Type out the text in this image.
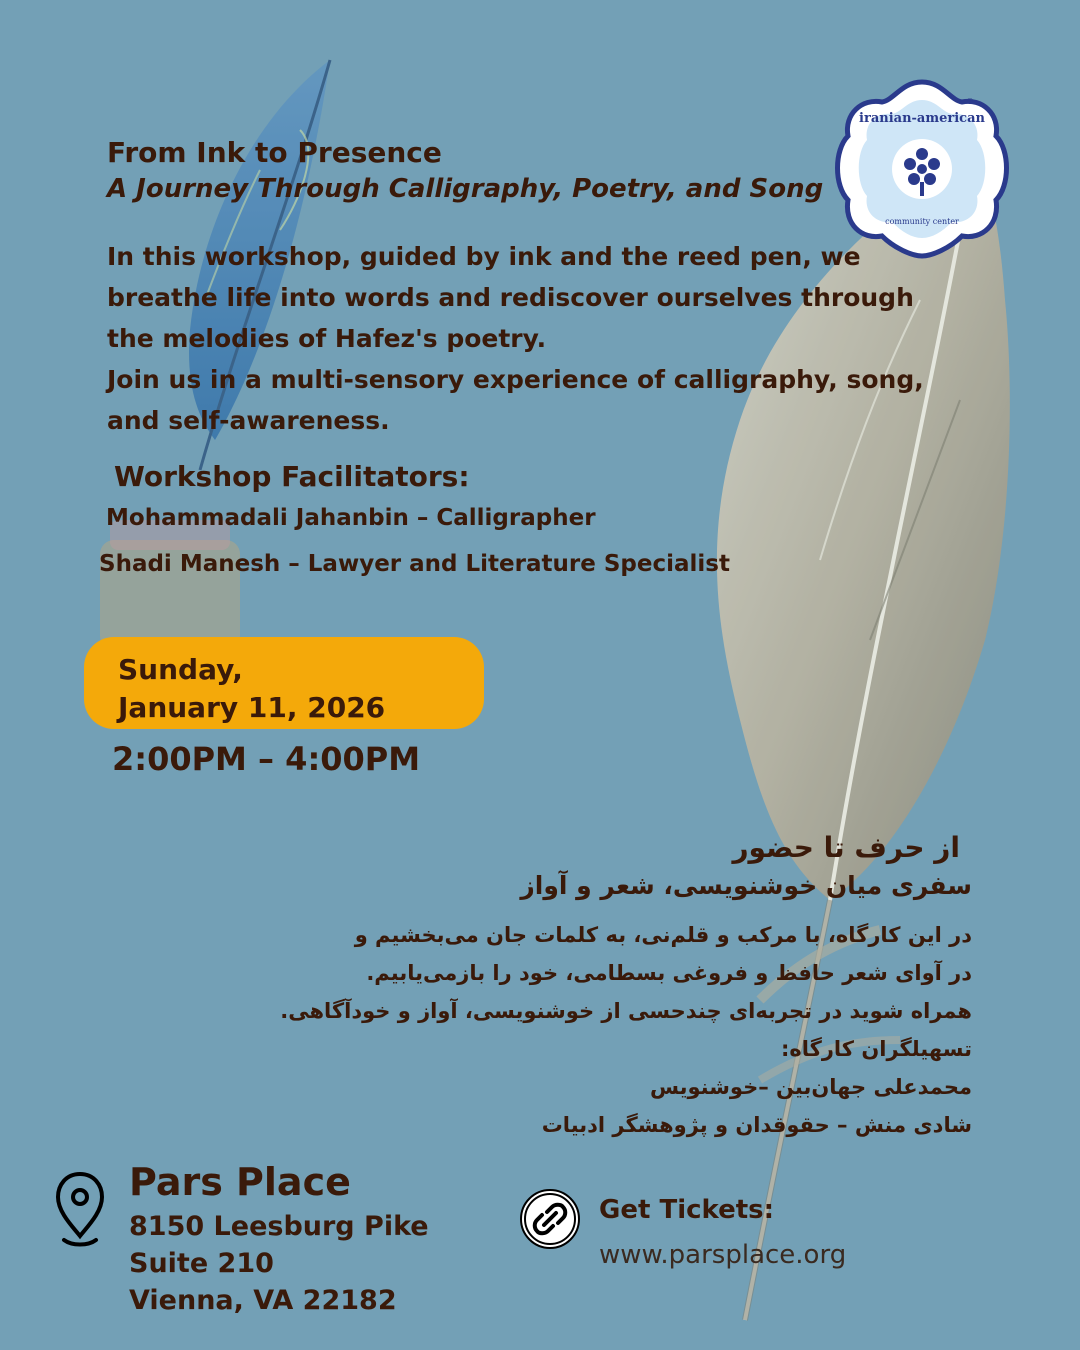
iranian-american
community center
®
From Ink to Presence
A Journey Through Calligraphy, Poetry, and Song

In this workshop, guided by ink and the reed pen, we

breathe life into words and rediscover ourselves through

the melodies of Hafez's poetry.

Join us in a multi-sensory experience of calligraphy, song,

and self-awareness.

Workshop Facilitators:
Mohammadali Jahanbin – Calligrapher
Shadi Manesh – Lawyer and Literature Specialist
Sunday,
January 11, 2026
2:00PM – 4:00PM

از حرف تا حضور

سفری میان خوشنویسی، شعر و آواز

در این کارگاه، با مرکب و قلم‌نی، به کلمات جان می‌بخشیم و

در آوای شعر حافظ و فروغی بسطامی، خود را بازمی‌یابیم.

همراه شوید در تجربه‌ای چندحسی از خوشنویسی، آواز و خودآگاهی.

تسهیلگران کارگاه:

محمدعلی جهان‌بین –خوشنویس

شادی منش – حقوقدان و پژوهشگر ادبیات

Pars Place
8150 Leesburg Pike
Suite 210
Vienna, VA 22182
Get Tickets:
www.parsplace.org
